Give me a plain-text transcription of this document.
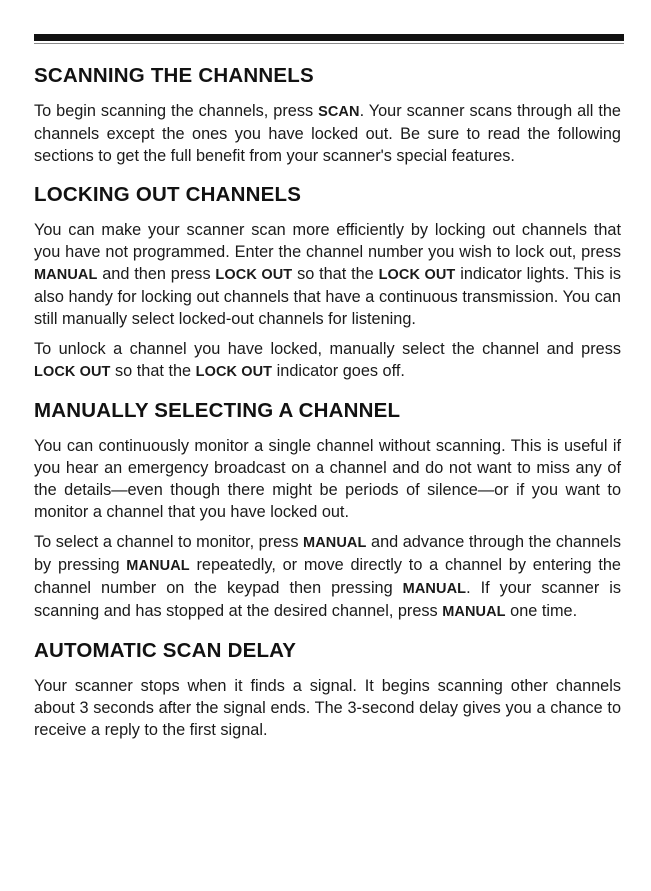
SCANNING THE CHANNELS

To begin scanning the channels, press SCAN. Your scanner scans through all the channels except the ones you have locked out. Be sure to read the following sections to get the full benefit from your scanner's special features.

LOCKING OUT CHANNELS

You can make your scanner scan more efficiently by locking out channels that you have not programmed. Enter the channel number you wish to lock out, press MANUAL and then press LOCK OUT so that the LOCK OUT indicator lights. This is also handy for locking out channels that have a continuous transmission. You can still manually select locked-out channels for listening.

To unlock a channel you have locked, manually select the channel and press LOCK OUT so that the LOCK OUT indicator goes off.

MANUALLY SELECTING A CHANNEL

You can continuously monitor a single channel without scanning. This is useful if you hear an emergency broadcast on a channel and do not want to miss any of the details—even though there might be periods of silence—or if you want to monitor a channel that you have locked out.

To select a channel to monitor, press MANUAL and advance through the channels by pressing MANUAL repeatedly, or move directly to a channel by entering the channel number on the keypad then pressing MANUAL. If your scanner is scanning and has stopped at the desired channel, press MANUAL one time.

AUTOMATIC SCAN DELAY

Your scanner stops when it finds a signal. It begins scanning other channels about 3 seconds after the signal ends. The 3-second delay gives you a chance to receive a reply to the first signal.
